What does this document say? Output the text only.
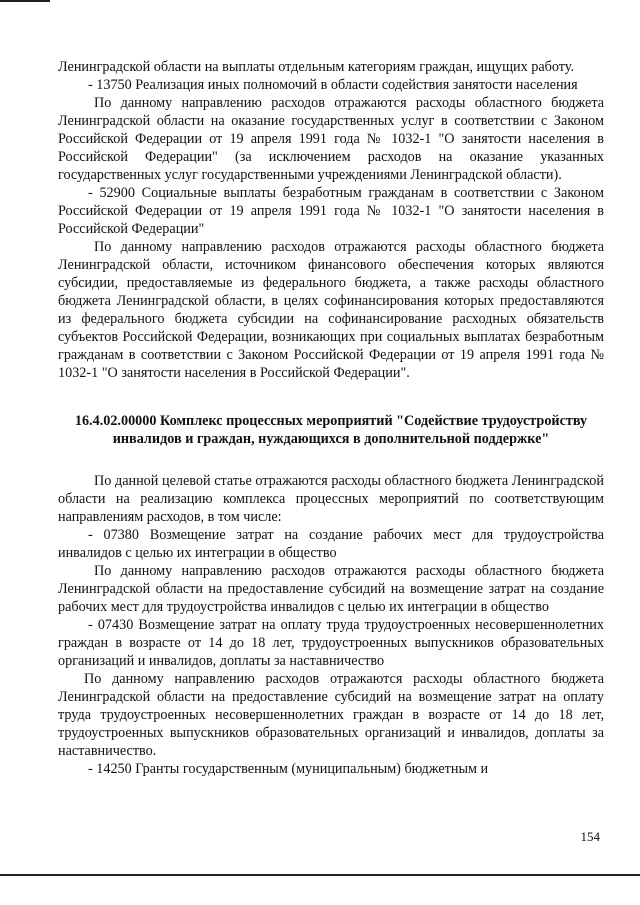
Ленинградской области на выплаты отдельным категориям граждан, ищущих работу.

- 13750 Реализация иных полномочий в области содействия занятости населения

По данному направлению расходов отражаются расходы областного бюджета Ленинградской области на оказание государственных услуг в соответствии с Законом Российской Федерации от 19 апреля 1991 года № 1032-1 "О занятости населения в Российской Федерации" (за исключением расходов на оказание указанных государственных услуг государственными учреждениями Ленинградской области).

- 52900 Социальные выплаты безработным гражданам в соответствии с Законом Российской Федерации от 19 апреля 1991 года № 1032-1 "О занятости населения в Российской Федерации"

По данному направлению расходов отражаются расходы областного бюджета Ленинградской области, источником финансового обеспечения которых являются субсидии, предоставляемые из федерального бюджета, а также расходы областного бюджета Ленинградской области, в целях софинансирования которых предоставляются из федерального бюджета субсидии на софинансирование расходных обязательств субъектов Российской Федерации, возникающих при социальных выплатах безработным гражданам в соответствии с Законом Российской Федерации от 19 апреля 1991 года № 1032-1 "О занятости населения в Российской Федерации".

16.4.02.00000 Комплекс процессных мероприятий "Содействие трудоустройству инвалидов и граждан, нуждающихся в дополнительной поддержке"

По данной целевой статье отражаются расходы областного бюджета Ленинградской области на реализацию комплекса процессных мероприятий по соответствующим направлениям расходов, в том числе:

- 07380 Возмещение затрат на создание рабочих мест для трудоустройства инвалидов с целью их интеграции в общество

По данному направлению расходов отражаются расходы областного бюджета Ленинградской области на предоставление субсидий на возмещение затрат на создание рабочих мест для трудоустройства инвалидов с целью их интеграции в общество

- 07430 Возмещение затрат на оплату труда трудоустроенных несовершеннолетних граждан в возрасте от 14 до 18 лет, трудоустроенных выпускников образовательных организаций и инвалидов, доплаты за наставничество

По данному направлению расходов отражаются расходы областного бюджета Ленинградской области на предоставление субсидий на возмещение затрат на оплату труда трудоустроенных несовершеннолетних граждан в возрасте от 14 до 18 лет, трудоустроенных выпускников образовательных организаций и инвалидов, доплаты за наставничество.

- 14250 Гранты государственным (муниципальным) бюджетным и

154
